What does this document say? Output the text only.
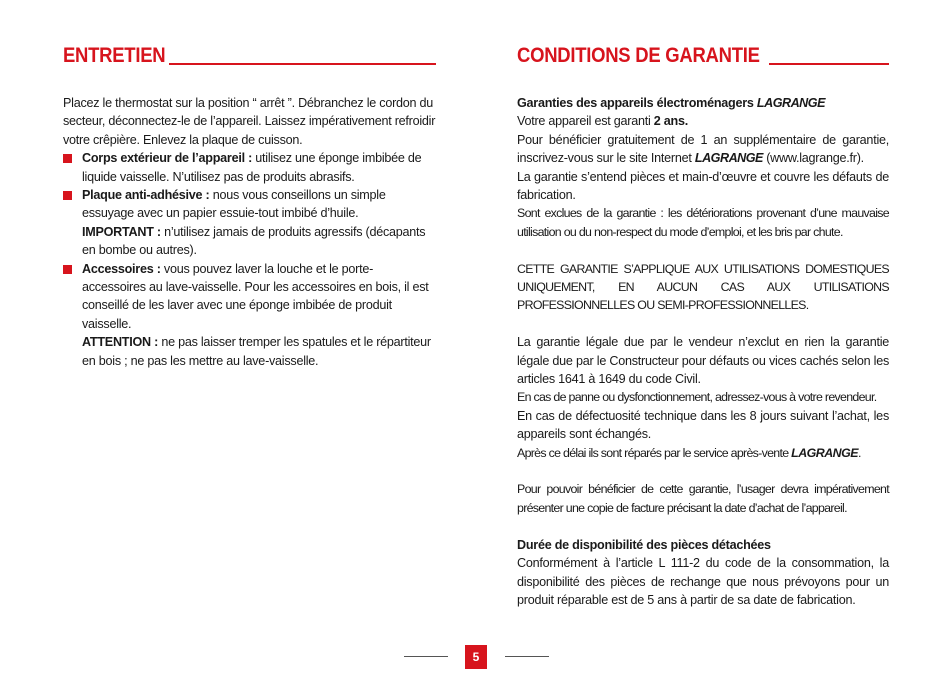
ENTRETIEN

Placez le thermostat sur la position “ arrêt ”. Débranchez le cordon du secteur, déconnectez-le de l’appareil. Laissez impérativement refroidir votre crêpière. Enlevez la plaque de cuisson.

Corps extérieur de l’appareil : utilisez une éponge imbibée de liquide vaisselle. N’utilisez pas de produits abrasifs.
Plaque anti-adhésive : nous vous conseillons un simple essuyage avec un papier essuie-tout imbibé d’huile.
IMPORTANT : n’utilisez jamais de produits agressifs (décapants en bombe ou autres).
Accessoires : vous pouvez laver la louche et le porte-accessoires au lave-vaisselle. Pour les accessoires en bois, il est conseillé de les laver avec une éponge imbibée de produit vaisselle.
ATTENTION : ne pas laisser tremper les spatules et le répartiteur en bois ; ne pas les mettre au lave-vaisselle.
CONDITIONS DE GARANTIE

Garanties des appareils électroménagers LAGRANGE

Votre appareil est garanti 2 ans.

Pour bénéficier gratuitement de 1 an supplémentaire de garantie, inscrivez-vous sur le site Internet LAGRANGE (www.lagrange.fr).

La garantie s’entend pièces et main-d’œuvre et couvre les défauts de fabrication.

Sont exclues de la garantie : les détériorations provenant d’une mauvaise utilisation ou du non-respect du mode d’emploi, et les bris par chute.

CETTE GARANTIE S’APPLIQUE AUX UTILISATIONS DOMESTIQUES UNIQUEMENT, EN AUCUN CAS AUX UTILISATIONS PROFESSIONNELLES OU SEMI-PROFESSIONNELLES.

La garantie légale due par le vendeur n’exclut en rien la garantie légale due par le Constructeur pour défauts ou vices cachés selon les articles 1641 à 1649 du code Civil.

En cas de panne ou dysfonctionnement, adressez-vous à votre revendeur.

En cas de défectuosité technique dans les 8 jours suivant l’achat, les appareils sont échangés.

Après ce délai ils sont réparés par le service après-vente LAGRANGE.

Pour pouvoir bénéficier de cette garantie, l’usager devra impérativement présenter une copie de facture précisant la date d’achat de l’appareil.

Durée de disponibilité des pièces détachées

Conformément à l’article L 111-2 du code de la consommation, la disponibilité des pièces de rechange que nous prévoyons pour un produit réparable est de 5 ans à partir de sa date de fabrication.

5
